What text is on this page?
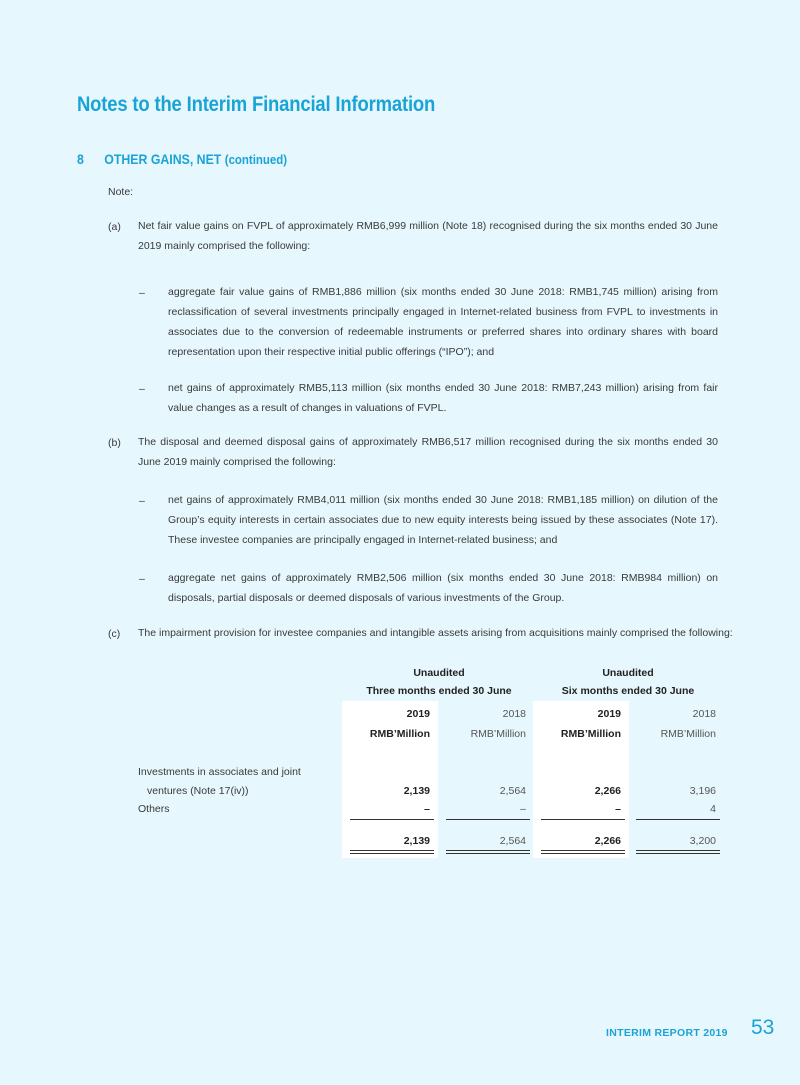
Notes to the Interim Financial Information
8 OTHER GAINS, NET (continued)
Note:
(a) Net fair value gains on FVPL of approximately RMB6,999 million (Note 18) recognised during the six months ended 30 June 2019 mainly comprised the following:
– aggregate fair value gains of RMB1,886 million (six months ended 30 June 2018: RMB1,745 million) arising from reclassification of several investments principally engaged in Internet-related business from FVPL to investments in associates due to the conversion of redeemable instruments or preferred shares into ordinary shares with board representation upon their respective initial public offerings (“IPO”); and
– net gains of approximately RMB5,113 million (six months ended 30 June 2018: RMB7,243 million) arising from fair value changes as a result of changes in valuations of FVPL.
(b) The disposal and deemed disposal gains of approximately RMB6,517 million recognised during the six months ended 30 June 2019 mainly comprised the following:
– net gains of approximately RMB4,011 million (six months ended 30 June 2018: RMB1,185 million) on dilution of the Group’s equity interests in certain associates due to new equity interests being issued by these associates (Note 17). These investee companies are principally engaged in Internet-related business; and
– aggregate net gains of approximately RMB2,506 million (six months ended 30 June 2018: RMB984 million) on disposals, partial disposals or deemed disposals of various investments of the Group.
(c) The impairment provision for investee companies and intangible assets arising from acquisitions mainly comprised the following:
Unaudited
Three months ended 30 June
Unaudited
Six months ended 30 June
2019	2018	2019	2018
RMB’Million	RMB’Million	RMB’Million	RMB’Million
Investments in associates and joint
ventures (Note 17(iv))	2,139	2,564	2,266	3,196
Others	–	–	–	4
2,139	2,564	2,266	3,200
INTERIM REPORT 2019 53
